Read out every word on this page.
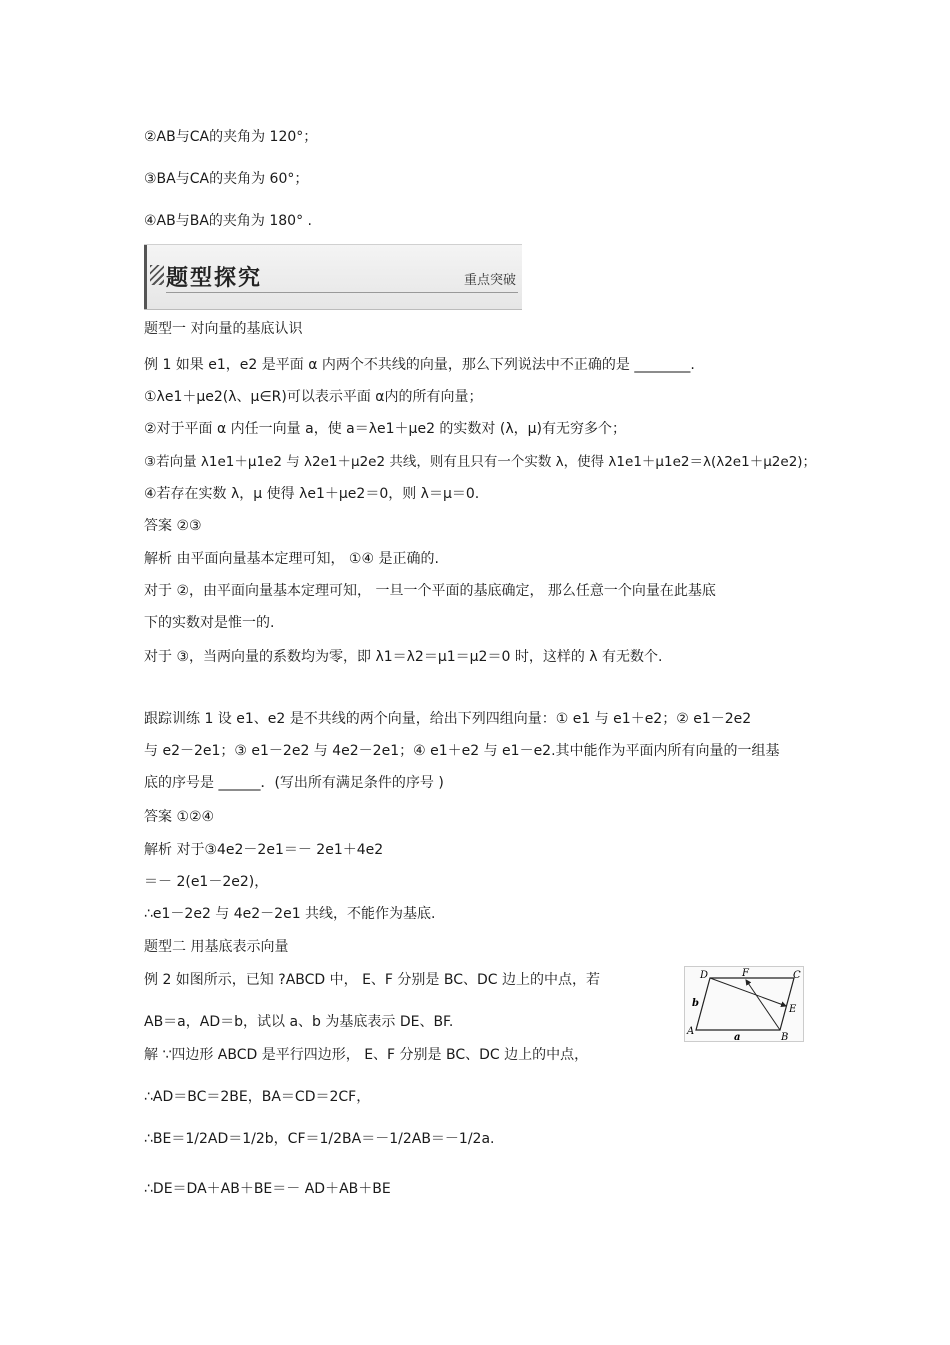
②AB与CA的夹角为 120°；
③BA与CA的夹角为 60°；
④AB与BA的夹角为 180° .
题型探究	重点突破
题型一 对向量的基底认识
例 1 如果 e1，e2 是平面 α 内两个不共线的向量，那么下列说法中不正确的是 ________.
①λe1＋μe2(λ、μ∈R)可以表示平面 α内的所有向量；
②对于平面 α 内任一向量 a，使 a＝λe1＋μe2 的实数对 (λ，μ)有无穷多个；
③若向量 λ1e1＋μ1e2 与 λ2e1＋μ2e2 共线，则有且只有一个实数 λ，使得 λ1e1＋μ1e2＝λ(λ2e1＋μ2e2)；
④若存在实数 λ，μ 使得 λe1＋μe2＝0，则 λ＝μ＝0.
答案 ②③
解析 由平面向量基本定理可知， ①④ 是正确的.
对于 ②，由平面向量基本定理可知， 一旦一个平面的基底确定， 那么任意一个向量在此基底
下的实数对是惟一的.
对于 ③，当两向量的系数均为零，即 λ1＝λ2＝μ1＝μ2＝0 时，这样的 λ 有无数个.
跟踪训练 1 设 e1、e2 是不共线的两个向量，给出下列四组向量：① e1 与 e1＋e2；② e1－2e2
与 e2－2e1；③ e1－2e2 与 4e2－2e1；④ e1＋e2 与 e1－e2.其中能作为平面内所有向量的一组基
底的序号是 ______．(写出所有满足条件的序号 )
答案 ①②④
解析 对于③4e2－2e1＝－ 2e1＋4e2
＝－ 2(e1－2e2)，
∴e1－2e2 与 4e2－2e1 共线，不能作为基底.
题型二 用基底表示向量
例 2 如图所示，已知 ?ABCD 中， E、F 分别是 BC、DC 边上的中点，若
AB＝a，AD＝b，试以 a、b 为基底表示 DE、BF.
解 ∵四边形 ABCD 是平行四边形， E、F 分别是 BC、DC 边上的中点，
∴AD＝BC＝2BE，BA＝CD＝2CF，
∴BE＝1/2AD＝1/2b，CF＝1/2BA＝－1/2AB＝－1/2a.
∴DE＝DA＋AB＋BE＝－ AD＋AB＋BE
D	F	C
b
E
A
a	B
